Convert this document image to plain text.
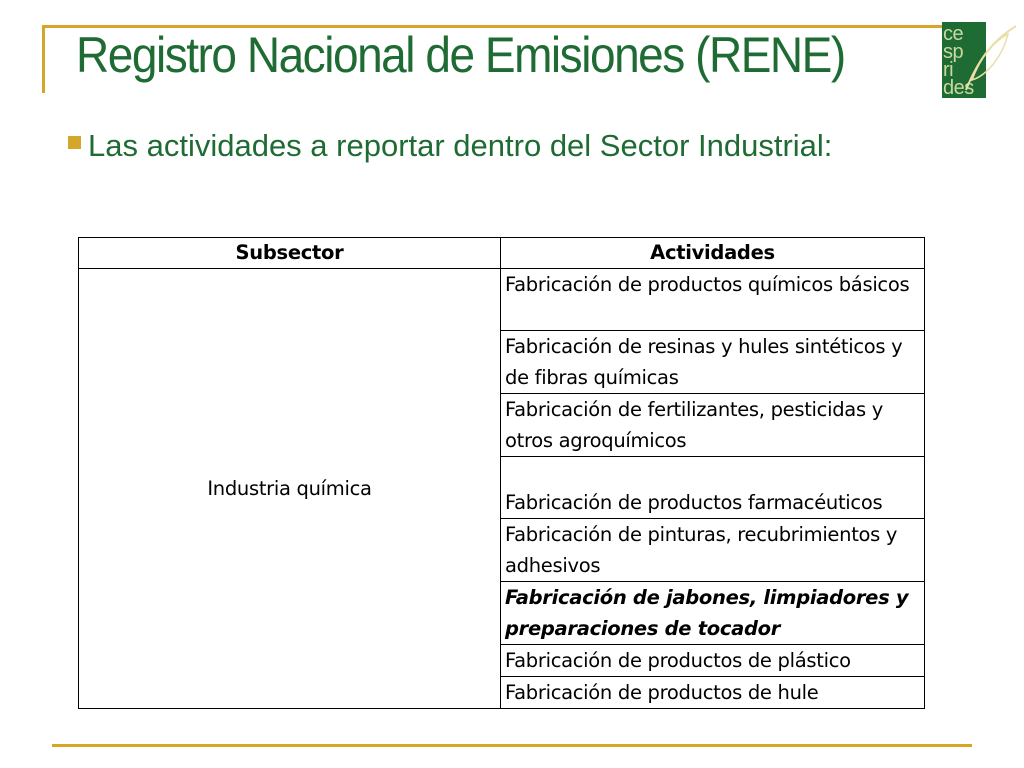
Registro Nacional de Emisiones (RENE)	ce
sp
ri
des
Las actividades a reportar dentro del Sector Industrial:
Subsector	Actividades
Industria química	Fabricación de productos químicos básicos
	Fabricación de resinas y hules sintéticos y de fibras químicas
	Fabricación de fertilizantes, pesticidas y otros agroquímicos
	Fabricación de productos farmacéuticos
	Fabricación de pinturas, recubrimientos y adhesivos
	Fabricación de jabones, limpiadores y preparaciones de tocador
	Fabricación de productos de plástico
	Fabricación de productos de hule
